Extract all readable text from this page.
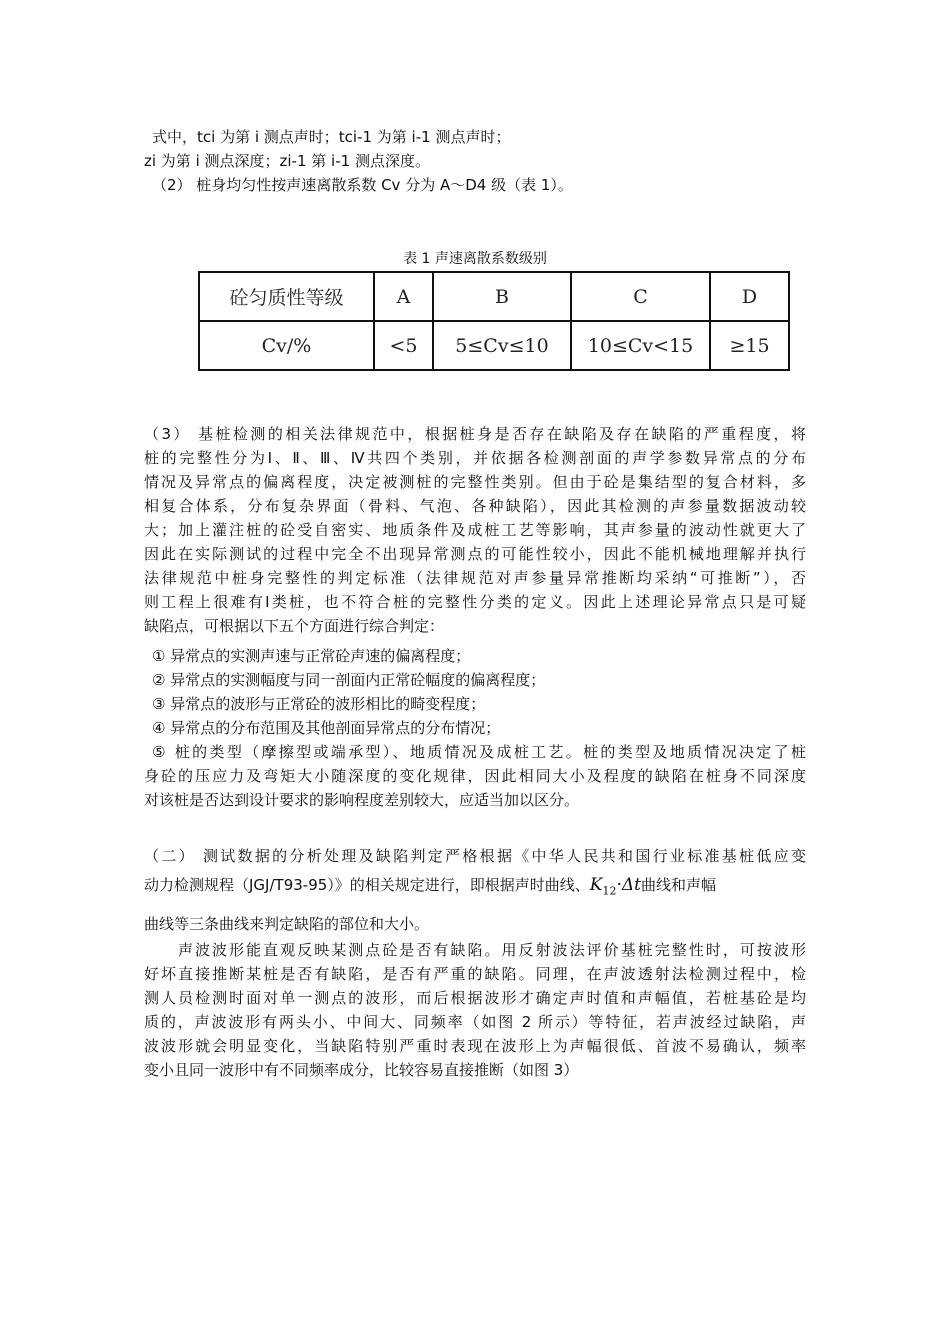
式中，tci 为第 i 测点声时；tci-1 为第 i-1 测点声时；
zi 为第 i 测点深度；zi-1 第 i-1 测点深度。
（2） 桩身均匀性按声速离散系数 Cv 分为 A～D4 级（表 1）。
表 1 声速离散系数级别
砼匀质性等级	A	B	C	D
Cv/%	<5	5≤Cv≤10	10≤Cv<15	≥15
（3） 基桩检测的相关法律规范中，根据桩身是否存在缺陷及存在缺陷的严重程度，将
桩的完整性分为Ⅰ、Ⅱ、Ⅲ、Ⅳ共四个类别，并依据各检测剖面的声学参数异常点的分布
情况及异常点的偏离程度，决定被测桩的完整性类别。但由于砼是集结型的复合材料，多
相复合体系，分布复杂界面（骨料、气泡、各种缺陷），因此其检测的声参量数据波动较
大；加上灌注桩的砼受自密实、地质条件及成桩工艺等影响，其声参量的波动性就更大了
因此在实际测试的过程中完全不出现异常测点的可能性较小，因此不能机械地理解并执行
法律规范中桩身完整性的判定标准（法律规范对声参量异常推断均采纳“可推断”），否
则工程上很难有Ⅰ类桩，也不符合桩的完整性分类的定义。因此上述理论异常点只是可疑
缺陷点，可根据以下五个方面进行综合判定：
① 异常点的实测声速与正常砼声速的偏离程度；
② 异常点的实测幅度与同一剖面内正常砼幅度的偏离程度；
③ 异常点的波形与正常砼的波形相比的畸变程度；
④ 异常点的分布范围及其他剖面异常点的分布情况；
⑤ 桩的类型（摩擦型或端承型）、地质情况及成桩工艺。桩的类型及地质情况决定了桩
身砼的压应力及弯矩大小随深度的变化规律，因此相同大小及程度的缺陷在桩身不同深度
对该桩是否达到设计要求的影响程度差别较大，应适当加以区分。
（二） 测试数据的分析处理及缺陷判定严格根据《中华人民共和国行业标准基桩低应变
动力检测规程（JGJ/T93-95）》的相关规定进行，即根据声时曲线、$K_{12}\cdot\Delta t$曲线和声幅
曲线等三条曲线来判定缺陷的部位和大小。
声波波形能直观反映某测点砼是否有缺陷。用反射波法评价基桩完整性时，可按波形
好坏直接推断某桩是否有缺陷，是否有严重的缺陷。同理，在声波透射法检测过程中，检
测人员检测时面对单一测点的波形，而后根据波形才确定声时值和声幅值，若桩基砼是均
质的，声波波形有两头小、中间大、同频率（如图 2 所示）等特征，若声波经过缺陷，声
波波形就会明显变化，当缺陷特别严重时表现在波形上为声幅很低、首波不易确认，频率
变小且同一波形中有不同频率成分，比较容易直接推断（如图 3）
